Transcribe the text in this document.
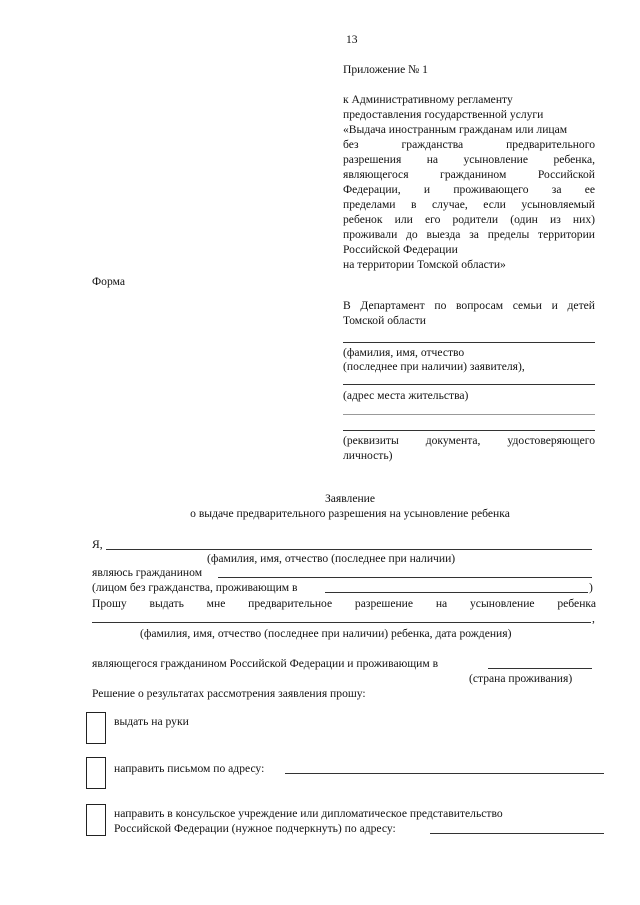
13
Приложение № 1
к Административному регламенту
предоставления государственной услуги
«Выдача иностранным гражданам или лицам
без гражданства предварительного
разрешения на усыновление ребенка,
являющегося гражданином Российской
Федерации, и проживающего за ее
пределами в случае, если усыновляемый
ребенок или его родители (один из них)
проживали до выезда за пределы территории
Российской Федерации
на территории Томской области»
Форма
В Департамент по вопросам семьи и детей
Томской области
(фамилия, имя, отчество
(последнее при наличии) заявителя),
(адрес места жительства)
(реквизиты документа, удостоверяющего
личность)
Заявление
о выдаче предварительного разрешения на усыновление ребенка
Я,
(фамилия, имя, отчество (последнее при наличии)
являюсь гражданином
(лицом без гражданства, проживающим в	)
Прошу выдать мне предварительное разрешение на усыновление ребенка
,
(фамилия, имя, отчество (последнее при наличии) ребенка, дата рождения)
являющегося гражданином Российской Федерации и проживающим в
(страна проживания)
Решение о результатах рассмотрения заявления прошу:
выдать на руки
направить письмом по адресу:
направить в консульское учреждение или дипломатическое представительство
Российской Федерации (нужное подчеркнуть) по адресу:
